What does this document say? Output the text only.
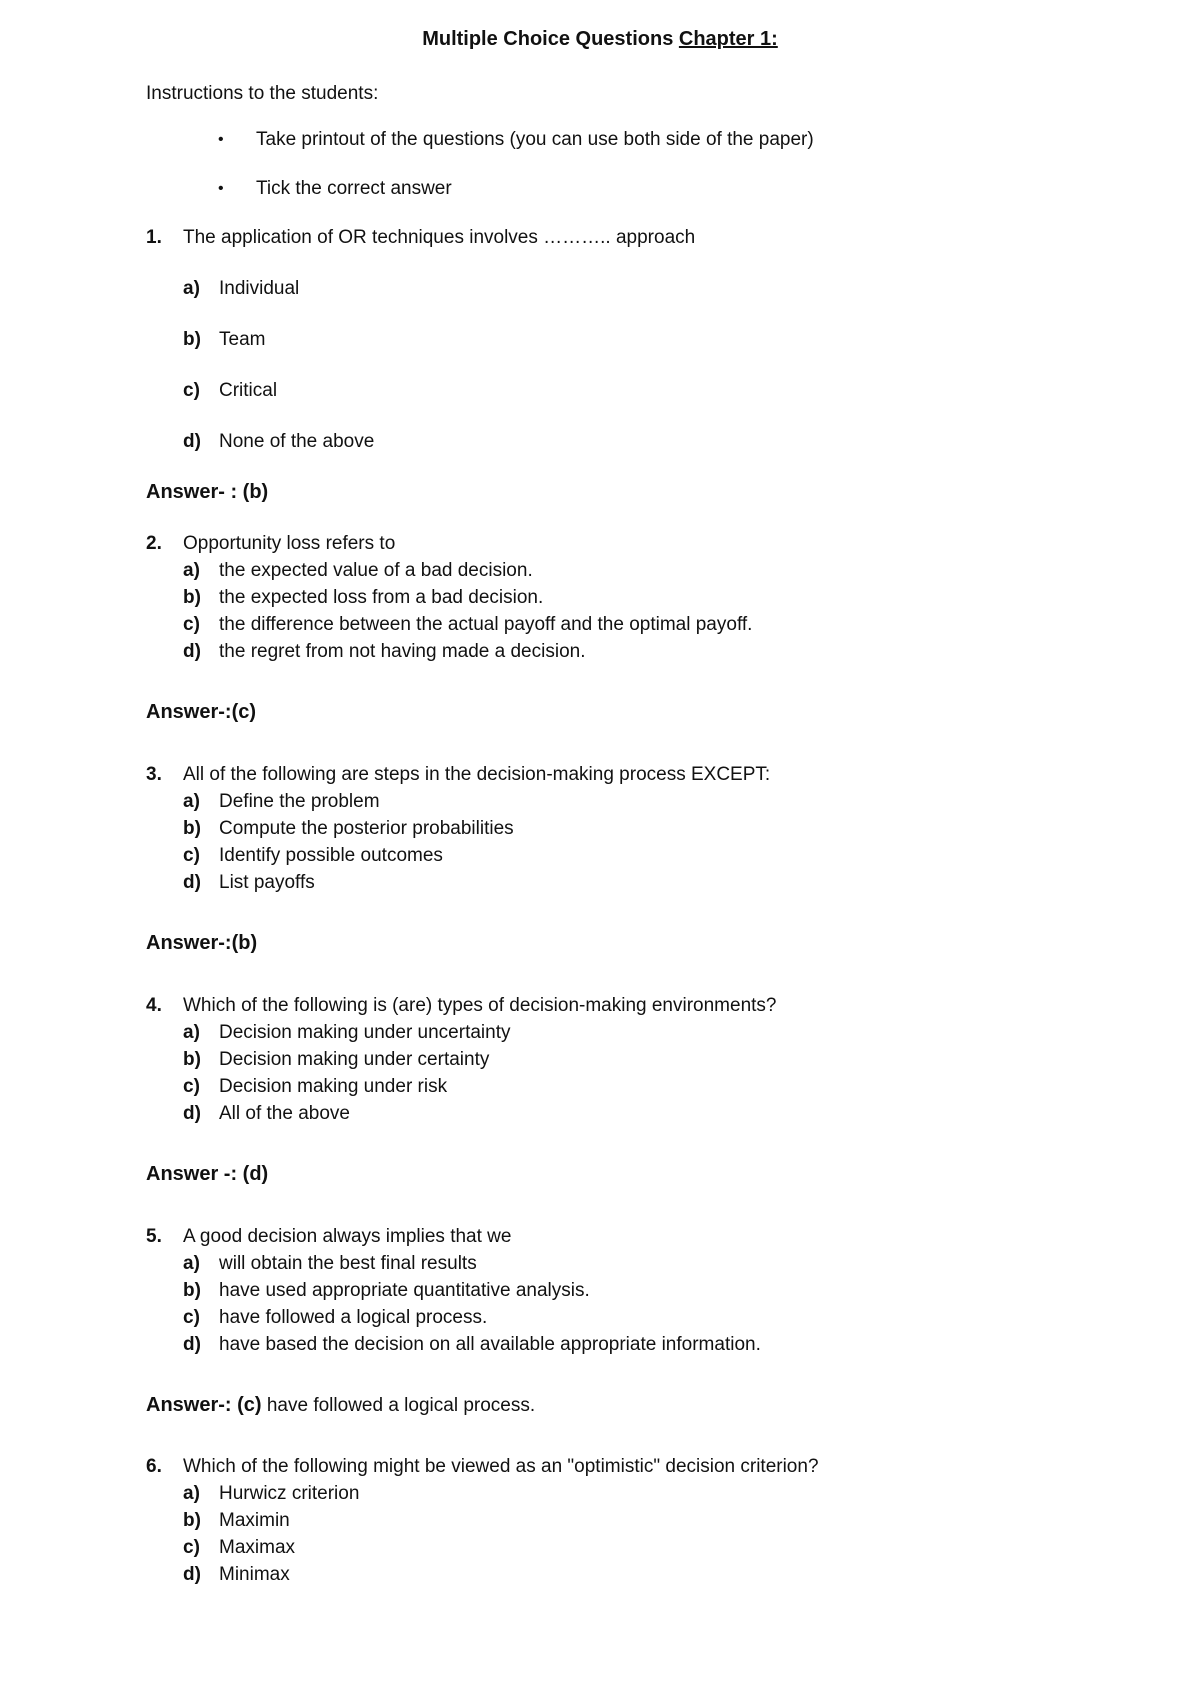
Multiple Choice Questions Chapter 1:
Instructions to the students:
• Take printout of the questions (you can use both side of the paper)
• Tick the correct answer
1. The application of OR techniques involves ……….. approach
a) Individual
b) Team
c) Critical
d) None of the above
Answer- : (b)
2. Opportunity loss refers to
a) the expected value of a bad decision.
b) the expected loss from a bad decision.
c) the difference between the actual payoff and the optimal payoff.
d) the regret from not having made a decision.
Answer-:(c)
3. All of the following are steps in the decision-making process EXCEPT:
a) Define the problem
b) Compute the posterior probabilities
c) Identify possible outcomes
d) List payoffs
Answer-:(b)
4. Which of the following is (are) types of decision-making environments?
a) Decision making under uncertainty
b) Decision making under certainty
c) Decision making under risk
d) All of the above
Answer -: (d)
5. A good decision always implies that we
a) will obtain the best final results
b) have used appropriate quantitative analysis.
c) have followed a logical process.
d) have based the decision on all available appropriate information.
Answer-: (c) have followed a logical process.
6. Which of the following might be viewed as an "optimistic" decision criterion?
a) Hurwicz criterion
b) Maximin
c) Maximax
d) Minimax
